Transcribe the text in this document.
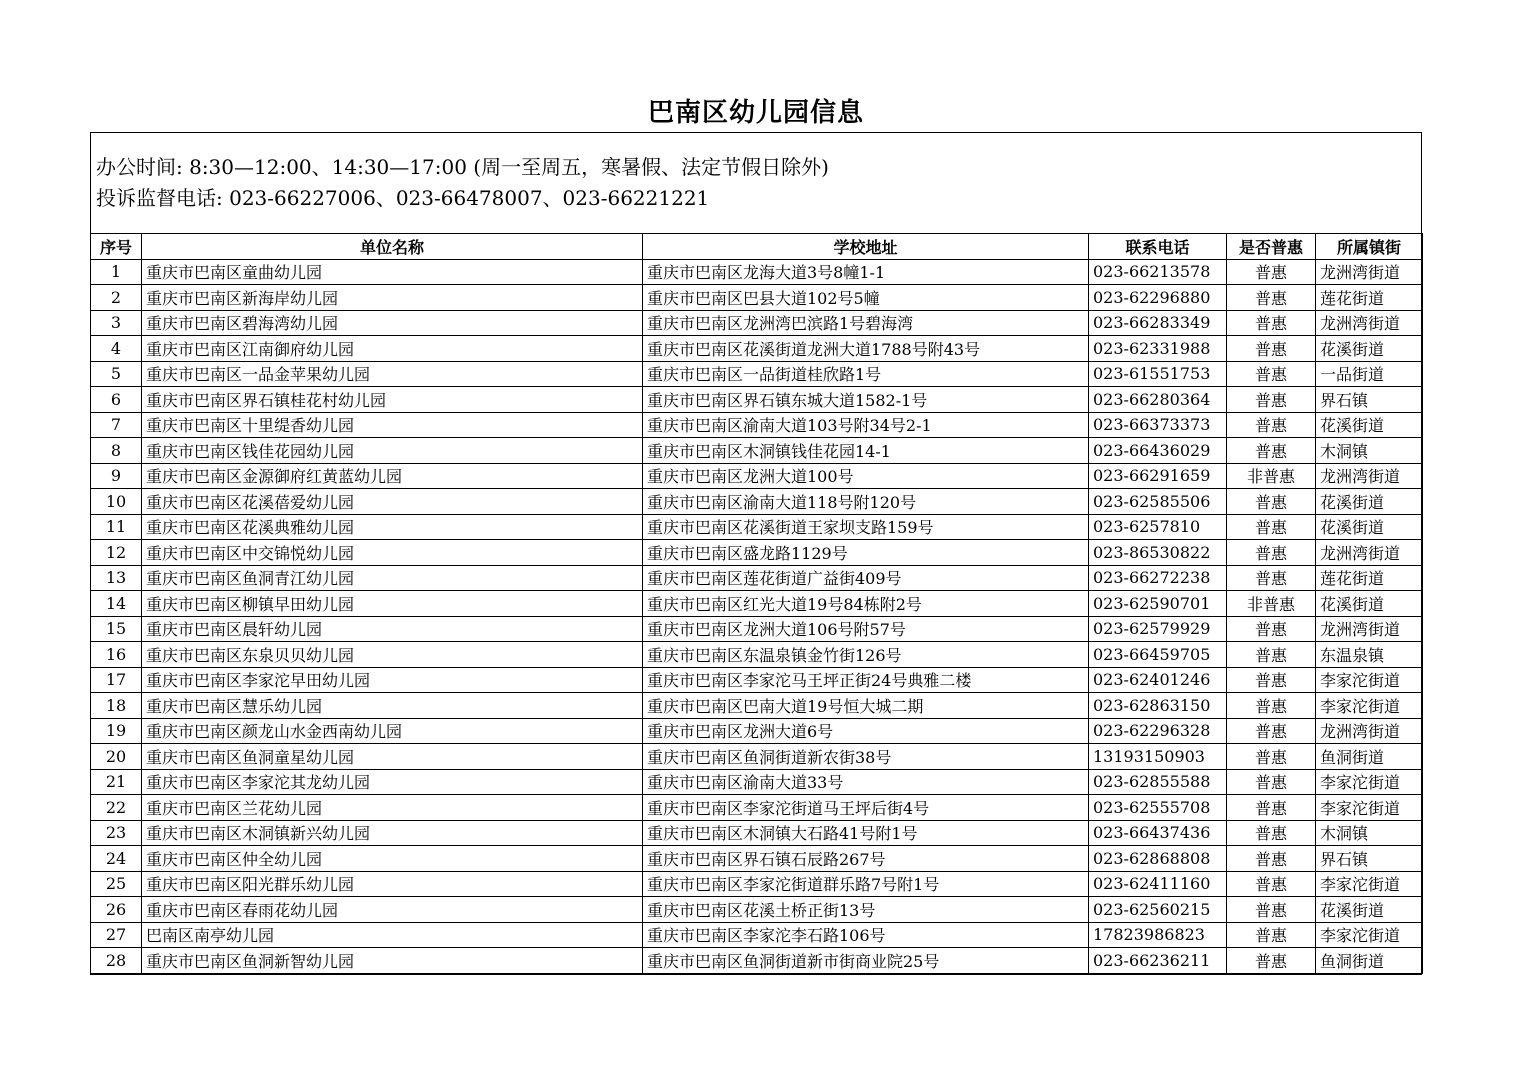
巴南区幼儿园信息
办公时间: 8:30—12:00、14:30—17:00 (周一至周五，寒暑假、法定节假日除外)
投诉监督电话: 023-66227006、023-66478007、023-66221221
序号	单位名称	学校地址	联系电话	是否普惠	所属镇街
1	重庆市巴南区童曲幼儿园	重庆市巴南区龙海大道3号8幢1-1	023-66213578	普惠	龙洲湾街道
2	重庆市巴南区新海岸幼儿园	重庆市巴南区巴县大道102号5幢	023-62296880	普惠	莲花街道
3	重庆市巴南区碧海湾幼儿园	重庆市巴南区龙洲湾巴滨路1号碧海湾	023-66283349	普惠	龙洲湾街道
4	重庆市巴南区江南御府幼儿园	重庆市巴南区花溪街道龙洲大道1788号附43号	023-62331988	普惠	花溪街道
5	重庆市巴南区一品金苹果幼儿园	重庆市巴南区一品街道桂欣路1号	023-61551753	普惠	一品街道
6	重庆市巴南区界石镇桂花村幼儿园	重庆市巴南区界石镇东城大道1582-1号	023-66280364	普惠	界石镇
7	重庆市巴南区十里缇香幼儿园	重庆市巴南区渝南大道103号附34号2-1	023-66373373	普惠	花溪街道
8	重庆市巴南区钱佳花园幼儿园	重庆市巴南区木洞镇钱佳花园14-1	023-66436029	普惠	木洞镇
9	重庆市巴南区金源御府红黄蓝幼儿园	重庆市巴南区龙洲大道100号	023-66291659	非普惠	龙洲湾街道
10	重庆市巴南区花溪蓓爱幼儿园	重庆市巴南区渝南大道118号附120号	023-62585506	普惠	花溪街道
11	重庆市巴南区花溪典雅幼儿园	重庆市巴南区花溪街道王家坝支路159号	023-6257810	普惠	花溪街道
12	重庆市巴南区中交锦悦幼儿园	重庆市巴南区盛龙路1129号	023-86530822	普惠	龙洲湾街道
13	重庆市巴南区鱼洞青江幼儿园	重庆市巴南区莲花街道广益街409号	023-66272238	普惠	莲花街道
14	重庆市巴南区柳镇早田幼儿园	重庆市巴南区红光大道19号84栋附2号	023-62590701	非普惠	花溪街道
15	重庆市巴南区晨轩幼儿园	重庆市巴南区龙洲大道106号附57号	023-62579929	普惠	龙洲湾街道
16	重庆市巴南区东泉贝贝幼儿园	重庆市巴南区东温泉镇金竹街126号	023-66459705	普惠	东温泉镇
17	重庆市巴南区李家沱早田幼儿园	重庆市巴南区李家沱马王坪正街24号典雅二楼	023-62401246	普惠	李家沱街道
18	重庆市巴南区慧乐幼儿园	重庆市巴南区巴南大道19号恒大城二期	023-62863150	普惠	李家沱街道
19	重庆市巴南区颜龙山水金西南幼儿园	重庆市巴南区龙洲大道6号	023-62296328	普惠	龙洲湾街道
20	重庆市巴南区鱼洞童星幼儿园	重庆市巴南区鱼洞街道新农街38号	13193150903	普惠	鱼洞街道
21	重庆市巴南区李家沱其龙幼儿园	重庆市巴南区渝南大道33号	023-62855588	普惠	李家沱街道
22	重庆市巴南区兰花幼儿园	重庆市巴南区李家沱街道马王坪后街4号	023-62555708	普惠	李家沱街道
23	重庆市巴南区木洞镇新兴幼儿园	重庆市巴南区木洞镇大石路41号附1号	023-66437436	普惠	木洞镇
24	重庆市巴南区仲全幼儿园	重庆市巴南区界石镇石辰路267号	023-62868808	普惠	界石镇
25	重庆市巴南区阳光群乐幼儿园	重庆市巴南区李家沱街道群乐路7号附1号	023-62411160	普惠	李家沱街道
26	重庆市巴南区春雨花幼儿园	重庆市巴南区花溪土桥正街13号	023-62560215	普惠	花溪街道
27	巴南区南亭幼儿园	重庆市巴南区李家沱李石路106号	17823986823	普惠	李家沱街道
28	重庆市巴南区鱼洞新智幼儿园	重庆市巴南区鱼洞街道新市街商业院25号	023-66236211	普惠	鱼洞街道
